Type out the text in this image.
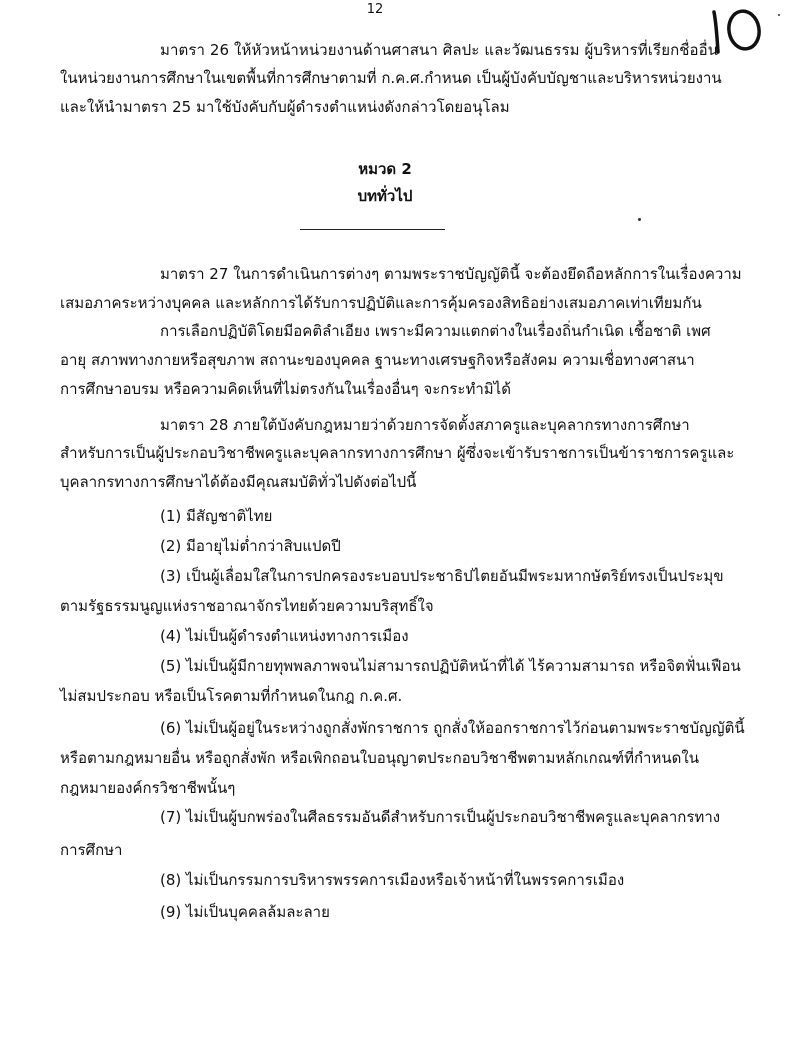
12
มาตรา 26 ให้หัวหน้าหน่วยงานด้านศาสนา ศิลปะ และวัฒนธรรม ผู้บริหารที่เรียกชื่ออื่น
ในหน่วยงานการศึกษาในเขตพื้นที่การศึกษาตามที่ ก.ค.ศ.กำหนด เป็นผู้บังคับบัญชาและบริหารหน่วยงาน
และให้นำมาตรา 25 มาใช้บังคับกับผู้ดำรงตำแหน่งดังกล่าวโดยอนุโลม
หมวด 2
บททั่วไป
มาตรา 27 ในการดำเนินการต่างๆ ตามพระราชบัญญัตินี้ จะต้องยึดถือหลักการในเรื่องความ
เสมอภาคระหว่างบุคคล และหลักการได้รับการปฏิบัติและการคุ้มครองสิทธิอย่างเสมอภาคเท่าเทียมกัน
การเลือกปฏิบัติโดยมีอคติลำเอียง เพราะมีความแตกต่างในเรื่องถิ่นกำเนิด เชื้อชาติ เพศ
อายุ สภาพทางกายหรือสุขภาพ สถานะของบุคคล ฐานะทางเศรษฐกิจหรือสังคม ความเชื่อทางศาสนา
การศึกษาอบรม หรือความคิดเห็นที่ไม่ตรงกันในเรื่องอื่นๆ จะกระทำมิได้
มาตรา 28 ภายใต้บังคับกฎหมายว่าด้วยการจัดตั้งสภาครูและบุคลากรทางการศึกษา
สำหรับการเป็นผู้ประกอบวิชาชีพครูและบุคลากรทางการศึกษา ผู้ซึ่งจะเข้ารับราชการเป็นข้าราชการครูและ
บุคลากรทางการศึกษาได้ต้องมีคุณสมบัติทั่วไปดังต่อไปนี้
(1) มีสัญชาติไทย
(2) มีอายุไม่ต่ำกว่าสิบแปดปี
(3) เป็นผู้เลื่อมใสในการปกครองระบอบประชาธิปไตยอันมีพระมหากษัตริย์ทรงเป็นประมุข
ตามรัฐธรรมนูญแห่งราชอาณาจักรไทยด้วยความบริสุทธิ์ใจ
(4) ไม่เป็นผู้ดำรงตำแหน่งทางการเมือง
(5) ไม่เป็นผู้มีกายทุพพลภาพจนไม่สามารถปฏิบัติหน้าที่ได้ ไร้ความสามารถ หรือจิตฟั่นเฟือน
ไม่สมประกอบ หรือเป็นโรคตามที่กำหนดในกฎ ก.ค.ศ.
(6) ไม่เป็นผู้อยู่ในระหว่างถูกสั่งพักราชการ ถูกสั่งให้ออกราชการไว้ก่อนตามพระราชบัญญัตินี้
หรือตามกฎหมายอื่น หรือถูกสั่งพัก หรือเพิกถอนใบอนุญาตประกอบวิชาชีพตามหลักเกณฑ์ที่กำหนดใน
กฎหมายองค์กรวิชาชีพนั้นๆ
(7) ไม่เป็นผู้บกพร่องในศีลธรรมอันดีสำหรับการเป็นผู้ประกอบวิชาชีพครูและบุคลากรทาง
การศึกษา
(8) ไม่เป็นกรรมการบริหารพรรคการเมืองหรือเจ้าหน้าที่ในพรรคการเมือง
(9) ไม่เป็นบุคคลล้มละลาย
